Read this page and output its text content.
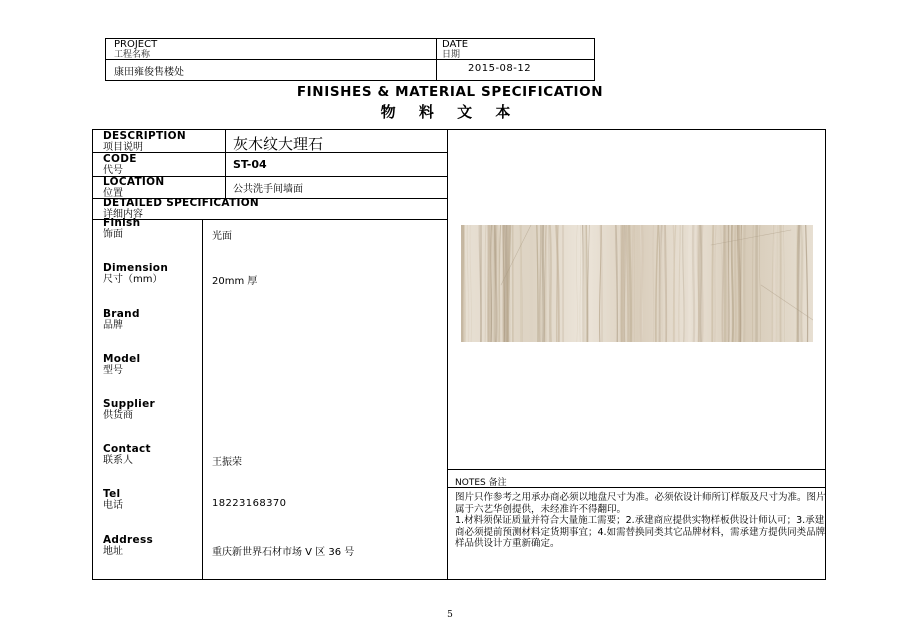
PROJECT
工程名称
康田雍俊售楼处
DATE
日期
2015-08-12
FINISHES & MATERIAL SPECIFICATION
物 料 文 本
DESCRIPTION
项目说明	灰木纹大理石
CODE
代号	ST-04
LOCATION
位置	公共洗手间墙面
DETAILED SPECIFICATION
详细内容
Finish
饰面	光面
Dimension
尺寸（mm）	20mm 厚
Brand
品牌
Model
型号
Supplier
供货商
Contact
联系人	王振荣
Tel
电话	18223168370
Address
地址	重庆新世界石材市场 V 区 36 号
NOTES 备注
图片只作参考之用承办商必须以地盘尺寸为准。必须依设计师所订样版及尺寸为准。图片属于六艺华创提供，未经准许不得翻印。
1.材料须保证质量并符合大量施工需要；2.承建商应提供实物样板供设计师认可；3.承建商必须提前预测材料定货期事宜；4.如需替换同类其它品牌材料，需承建方提供同类品牌样品供设计方重新确定。
5
